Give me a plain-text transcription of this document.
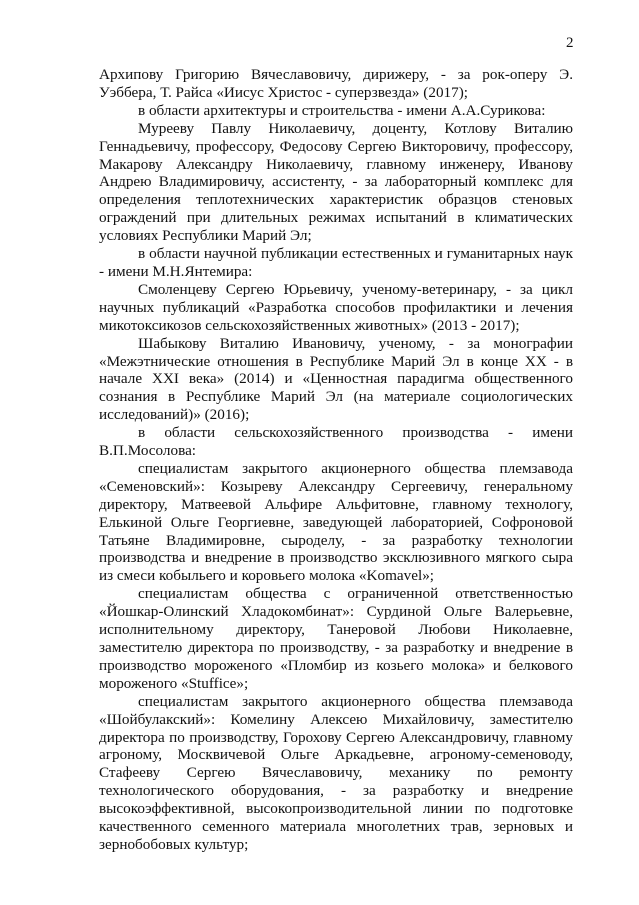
2

Архипову Григорию Вячеславовичу, дирижеру, - за рок-оперу Э. Уэббера, Т. Райса «Иисус Христос - суперзвезда» (2017);

в области архитектуры и строительства - имени А.А.Сурикова:

Муреeву Павлу Николаевичу, доценту, Котлову Виталию Геннадьевичу, профессору, Федосову Сергею Викторовичу, профессору, Макарову Александру Николаевичу, главному инженеру, Иванову Андрею Владимировичу, ассистенту, - за лабораторный комплекс для определения теплотехнических характеристик образцов стеновых ограждений при длительных режимах испытаний в климатических условиях Республики Марий Эл;

в области научной публикации естественных и гуманитарных наук - имени М.Н.Янтемира:

Смоленцеву Сергею Юрьевичу, ученому-ветеринару, - за цикл научных публикаций «Разработка способов профилактики и лечения микотоксикозов сельскохозяйственных животных» (2013 - 2017);

Шабыкову Виталию Ивановичу, ученому, - за монографии «Межэтнические отношения в Республике Марий Эл в конце XX - в начале XXI века» (2014) и «Ценностная парадигма общественного сознания в Республике Марий Эл (на материале социологических исследований)» (2016);

в области сельскохозяйственного производства - имени В.П.Мосолова:

специалистам закрытого акционерного общества племзавода «Семеновский»: Козыреву Александру Сергеевичу, генеральному директору, Матвеевой Альфире Альфитовне, главному технологу, Елькиной Ольге Георгиевне, заведующей лабораторией, Софроновой Татьяне Владимировне, сыроделу, - за разработку технологии производства и внедрение в производство эксклюзивного мягкого сыра из смеси кобыльего и коровьего молока «Komavel»;

специалистам общества с ограниченной ответственностью «Йошкар-Олинский Хладокомбинат»: Сурдиной Ольге Валерьевне, исполнительному директору, Танеровой Любови Николаевне, заместителю директора по производству, - за разработку и внедрение в производство мороженого «Пломбир из козьего молока» и белкового мороженого «Stuffice»;

специалистам закрытого акционерного общества племзавода «Шойбулакский»: Комелину Алексею Михайловичу, заместителю директора по производству, Горохову Сергею Александровичу, главному агроному, Москвичевой Ольге Аркадьевне, агроному-семеноводу, Стафееву Сергею Вячеславовичу, механику по ремонту технологического оборудования, - за разработку и внедрение высокоэффективной, высокопроизводительной линии по подготовке качественного семенного материала многолетних трав, зерновых и зернобобовых культур;
